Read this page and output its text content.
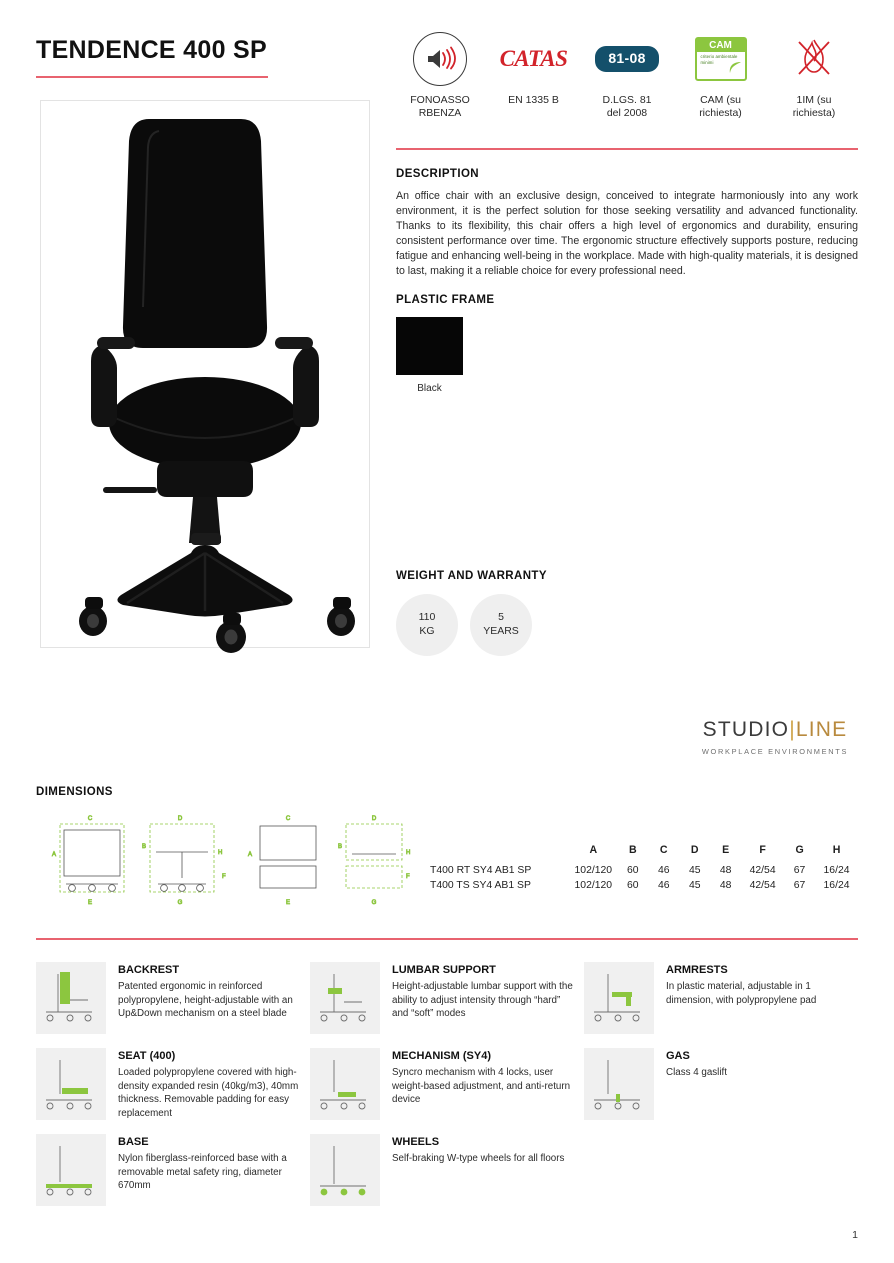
TENDENCE 400 SP
FONOASSO
RBENZA
CATAS
EN 1335 B
81-08
D.LGS. 81
del 2008
CAM
criterio ambientale minimi
CAM (su
richiesta)
1IM (su
richiesta)
DESCRIPTION
An office chair with an exclusive design, conceived to integrate harmoniously into any work environment, it is the perfect solution for those seeking versatility and advanced functionality. Thanks to its flexibility, this chair offers a high level of ergonomics and durability, ensuring consistent performance over time. The ergonomic structure effectively supports posture, reducing fatigue and enhancing well-being in the workplace. Made with high-quality materials, it is designed to last, making it a reliable choice for every professional need.
PLASTIC FRAME
Black
WEIGHT AND WARRANTY
110
KG
5
YEARS
STUDIO|LINE
WORKPLACE ENVIRONMENTS
DIMENSIONS
C
A
E
D
B
H
F
G
C
A
E
D
B
H
F
G
	A	B	C	D	E	F	G	H
T400 RT SY4 AB1 SP	102/120	60	46	45	48	42/54	67	16/24
T400 TS SY4 AB1 SP	102/120	60	46	45	48	42/54	67	16/24
BACKREST
Patented ergonomic in reinforced polypropylene, height-adjustable with an Up&Down mechanism on a steel blade
LUMBAR SUPPORT
Height-adjustable lumbar support with the ability to adjust intensity through “hard” and “soft” modes
ARMRESTS
In plastic material, adjustable in 1 dimension, with polypropylene pad
SEAT (400)
Loaded polypropylene covered with high-density expanded resin (40kg/m3), 40mm thickness. Removable padding for easy replacement
MECHANISM (SY4)
Syncro mechanism with 4 locks, user weight-based adjustment, and anti-return device
GAS
Class 4 gaslift
BASE
Nylon fiberglass-reinforced base with a removable metal safety ring, diameter 670mm
WHEELS
Self-braking W-type wheels for all floors
1
